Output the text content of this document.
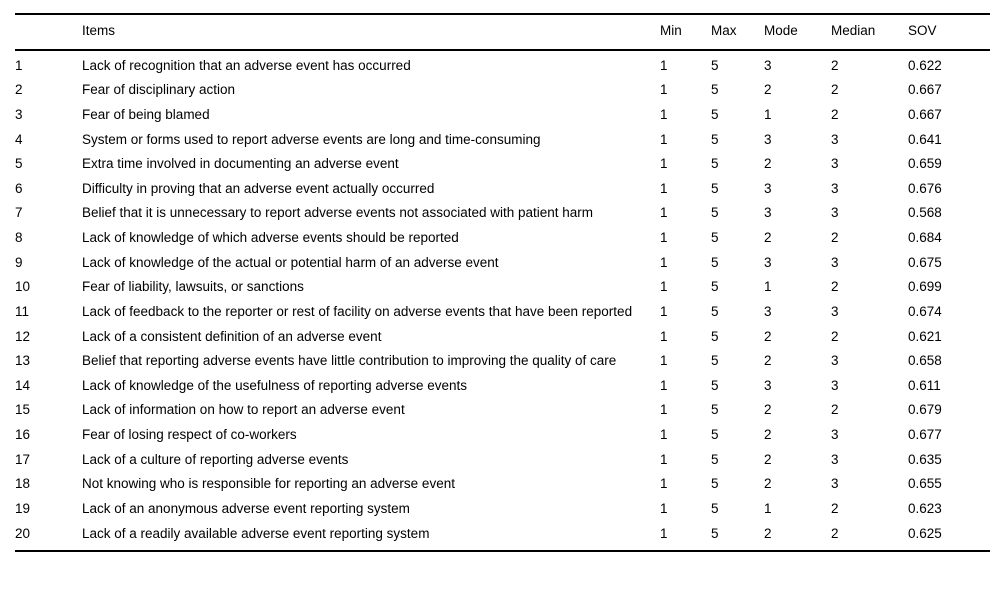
	Items	Min	Max	Mode	Median	SOV
1	Lack of recognition that an adverse event has occurred	1	5	3	2	0.622
2	Fear of disciplinary action	1	5	2	2	0.667
3	Fear of being blamed	1	5	1	2	0.667
4	System or forms used to report adverse events are long and time-consuming	1	5	3	3	0.641
5	Extra time involved in documenting an adverse event	1	5	2	3	0.659
6	Difficulty in proving that an adverse event actually occurred	1	5	3	3	0.676
7	Belief that it is unnecessary to report adverse events not associated with patient harm	1	5	3	3	0.568
8	Lack of knowledge of which adverse events should be reported	1	5	2	2	0.684
9	Lack of knowledge of the actual or potential harm of an adverse event	1	5	3	3	0.675
10	Fear of liability, lawsuits, or sanctions	1	5	1	2	0.699
11	Lack of feedback to the reporter or rest of facility on adverse events that have been reported	1	5	3	3	0.674
12	Lack of a consistent definition of an adverse event	1	5	2	2	0.621
13	Belief that reporting adverse events have little contribution to improving the quality of care	1	5	2	3	0.658
14	Lack of knowledge of the usefulness of reporting adverse events	1	5	3	3	0.611
15	Lack of information on how to report an adverse event	1	5	2	2	0.679
16	Fear of losing respect of co-workers	1	5	2	3	0.677
17	Lack of a culture of reporting adverse events	1	5	2	3	0.635
18	Not knowing who is responsible for reporting an adverse event	1	5	2	3	0.655
19	Lack of an anonymous adverse event reporting system	1	5	1	2	0.623
20	Lack of a readily available adverse event reporting system	1	5	2	2	0.625
